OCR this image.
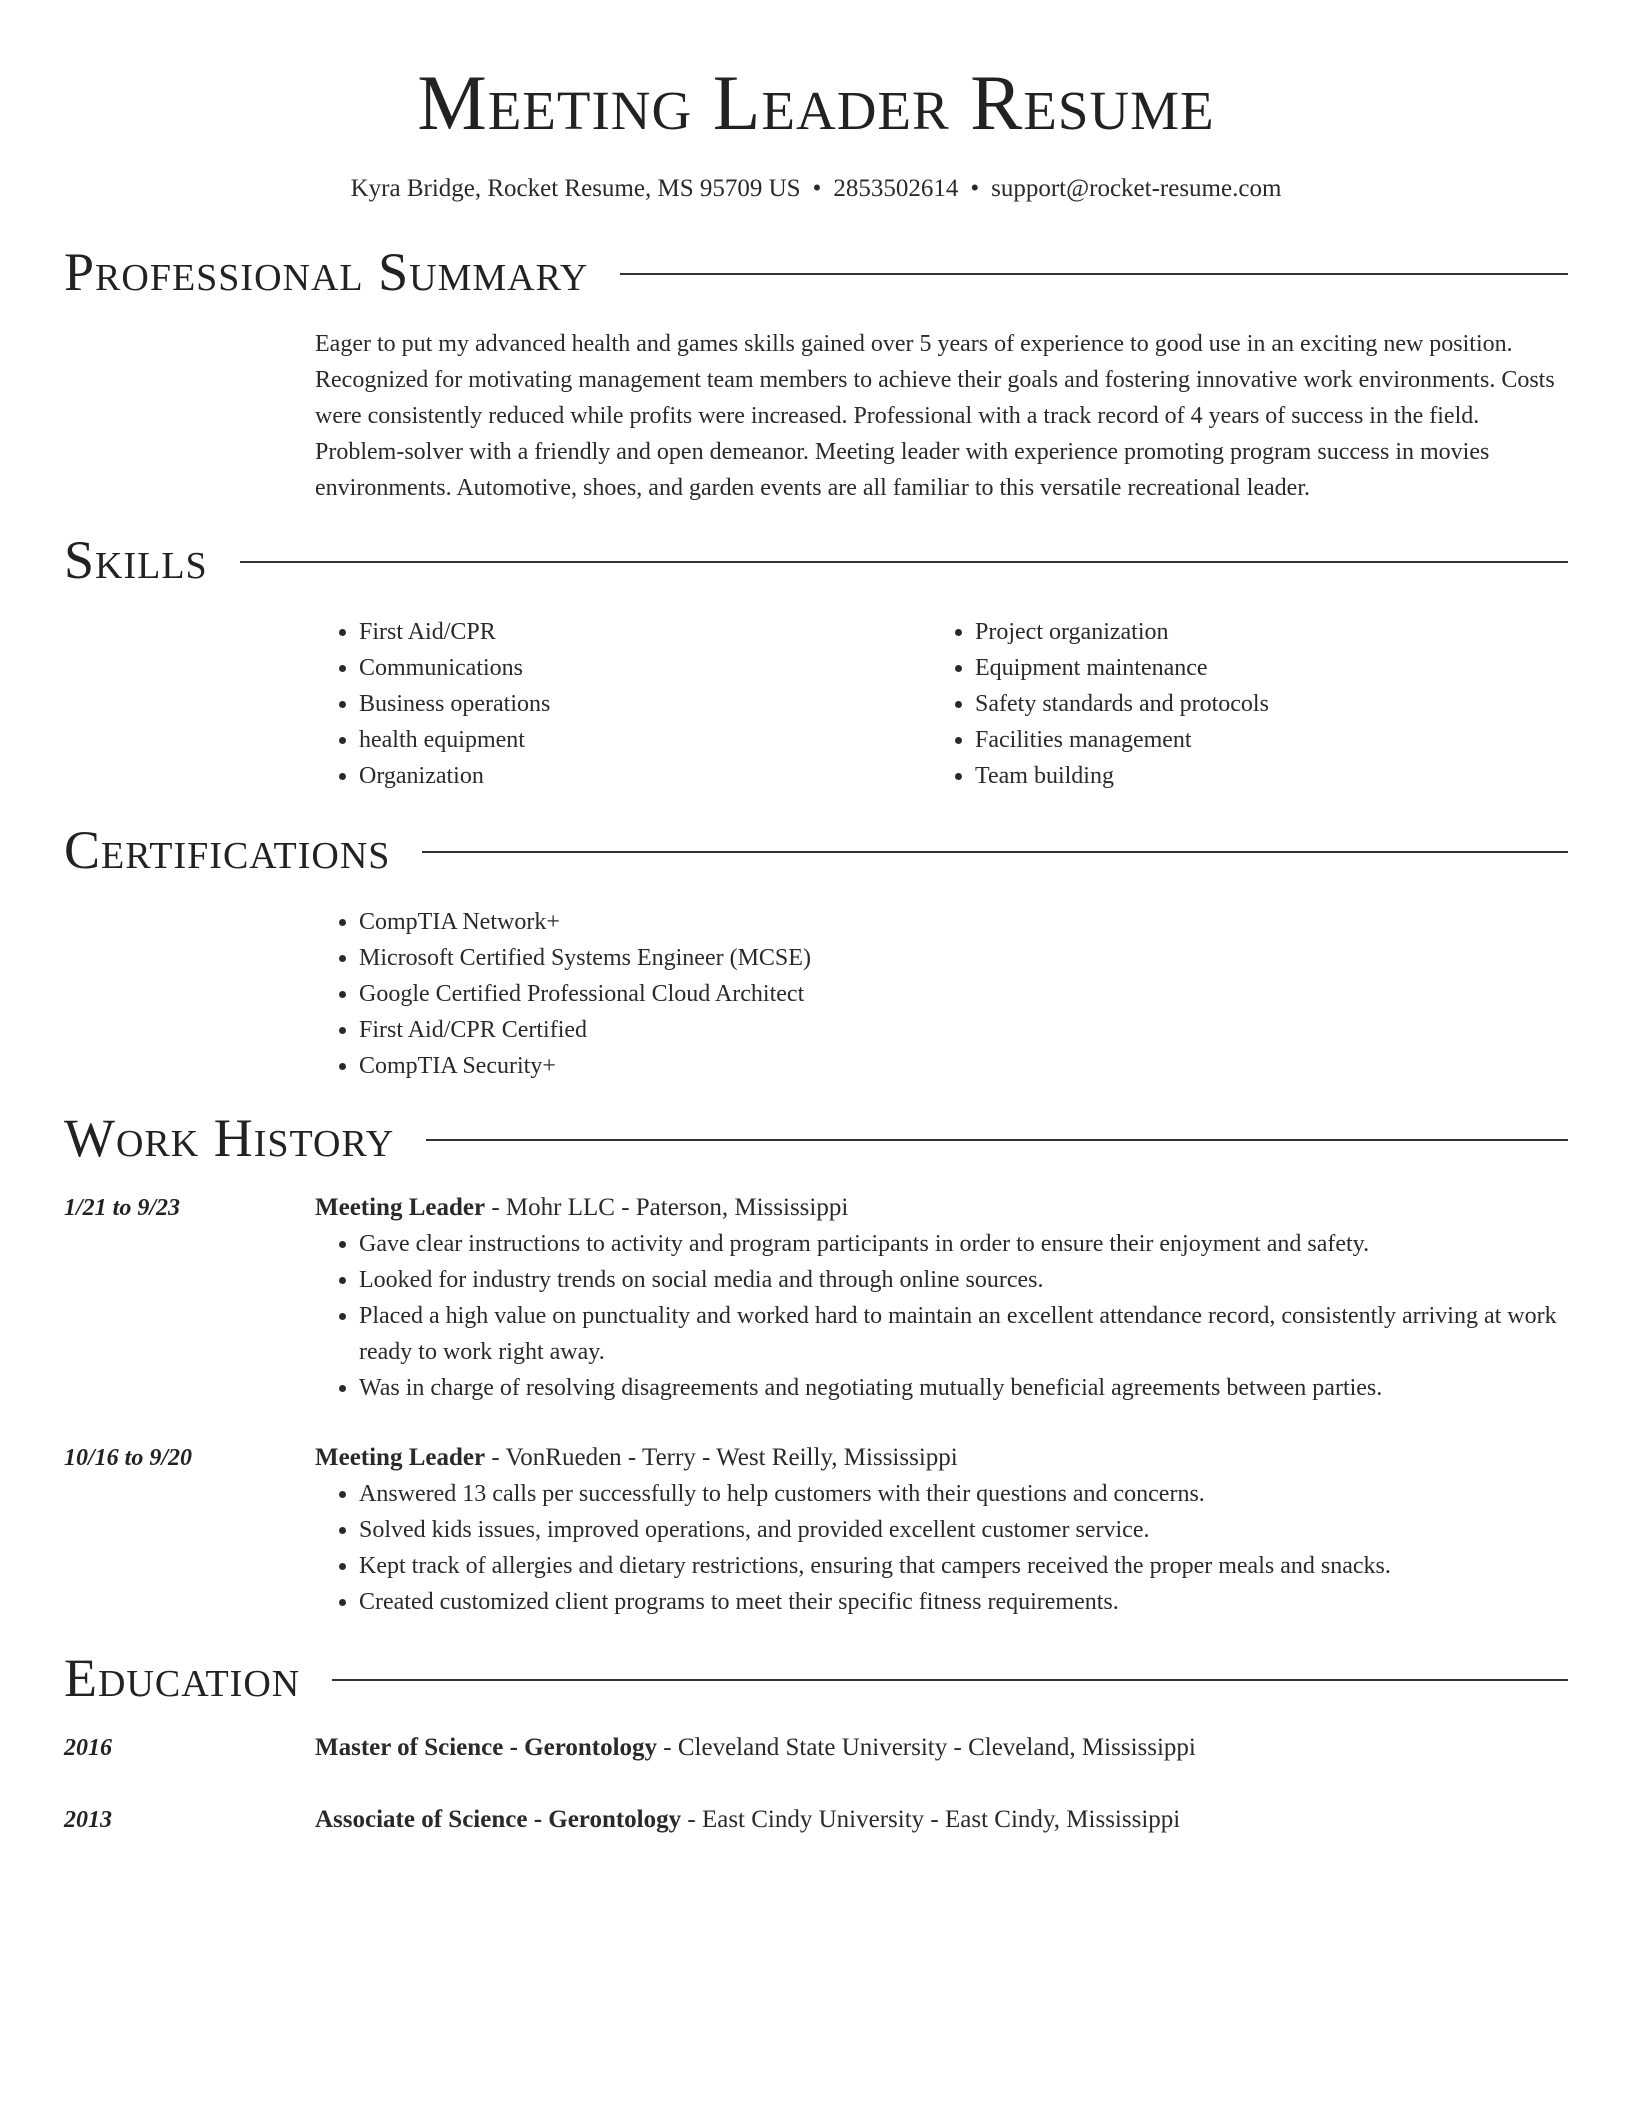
Meeting Leader Resume
Kyra Bridge, Rocket Resume, MS 95709 US • 2853502614 • support@rocket-resume.com
Professional Summary

Eager to put my advanced health and games skills gained over 5 years of experience to good use in an exciting new position. Recognized for motivating management team members to achieve their goals and fostering innovative work environments. Costs were consistently reduced while profits were increased. Professional with a track record of 4 years of success in the field. Problem-solver with a friendly and open demeanor. Meeting leader with experience promoting program success in movies environments. Automotive, shoes, and garden events are all familiar to this versatile recreational leader.

Skills
• First Aid/CPR
• Communications
• Business operations
• health equipment
• Organization
• Project organization
• Equipment maintenance
• Safety standards and protocols
• Facilities management
• Team building
Certifications
• CompTIA Network+
• Microsoft Certified Systems Engineer (MCSE)
• Google Certified Professional Cloud Architect
• First Aid/CPR Certified
• CompTIA Security+
Work History
1/21 to 9/23	Meeting Leader - Mohr LLC - Paterson, Mississippi
• Gave clear instructions to activity and program participants in order to ensure their enjoyment and safety.
• Looked for industry trends on social media and through online sources.
• Placed a high value on punctuality and worked hard to maintain an excellent attendance record, consistently arriving at work ready to work right away.
• Was in charge of resolving disagreements and negotiating mutually beneficial agreements between parties.
10/16 to 9/20	Meeting Leader - VonRueden - Terry - West Reilly, Mississippi
• Answered 13 calls per successfully to help customers with their questions and concerns.
• Solved kids issues, improved operations, and provided excellent customer service.
• Kept track of allergies and dietary restrictions, ensuring that campers received the proper meals and snacks.
• Created customized client programs to meet their specific fitness requirements.
Education
2016	Master of Science - Gerontology - Cleveland State University - Cleveland, Mississippi
2013	Associate of Science - Gerontology - East Cindy University - East Cindy, Mississippi
